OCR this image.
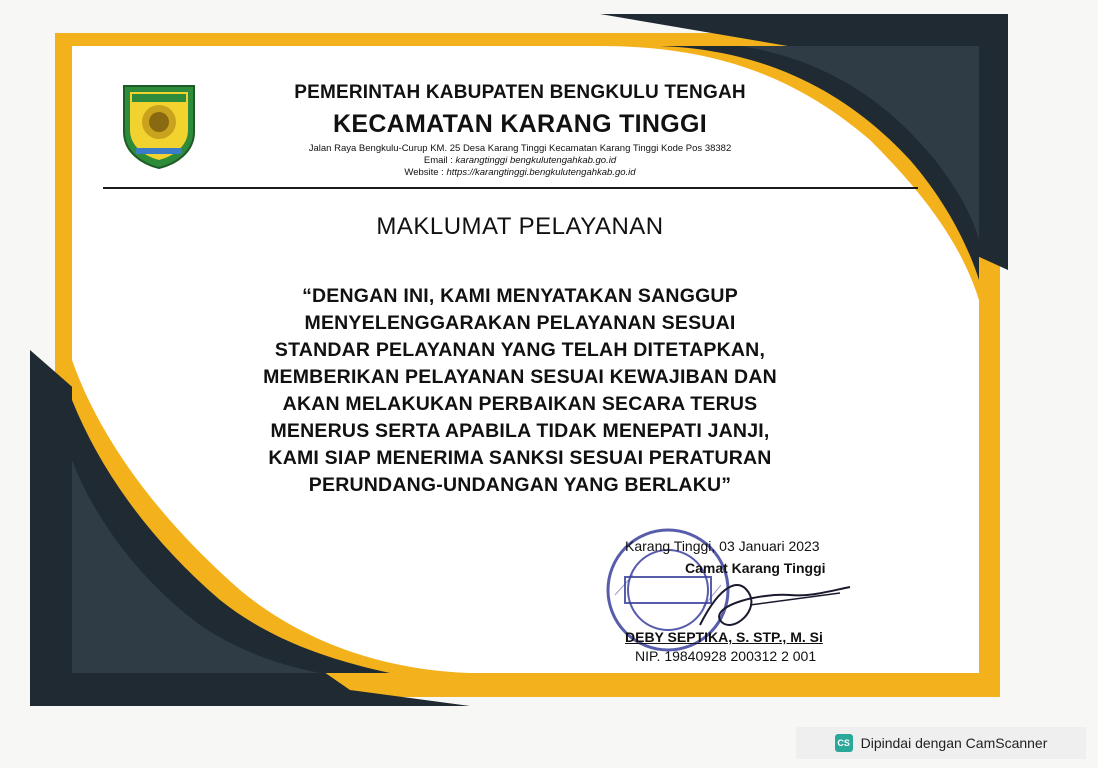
PEMERINTAH KABUPATEN BENGKULU TENGAH
KECAMATAN KARANG TINGGI
Jalan Raya Bengkulu-Curup KM. 25 Desa Karang Tinggi Kecamatan Karang Tinggi Kode Pos 38382
Email : karangtinggi bengkulutengahkab.go.id
Website : https://karangtinggi.bengkulutengahkab.go.id
MAKLUMAT PELAYANAN
“DENGAN INI, KAMI MENYATAKAN SANGGUP
MENYELENGGARAKAN PELAYANAN SESUAI
STANDAR PELAYANAN YANG TELAH DITETAPKAN,
MEMBERIKAN PELAYANAN SESUAI KEWAJIBAN DAN
AKAN MELAKUKAN PERBAIKAN SECARA TERUS
MENERUS SERTA APABILA TIDAK MENEPATI JANJI,
KAMI SIAP MENERIMA SANKSI SESUAI PERATURAN
PERUNDANG-UNDANGAN YANG BERLAKU”
Karang Tinggi, 03 Januari 2023
Camat Karang Tinggi
DEBY SEPTIKA, S. STP., M. Si
NIP. 19840928 200312 2 001
CS Dipindai dengan CamScanner
